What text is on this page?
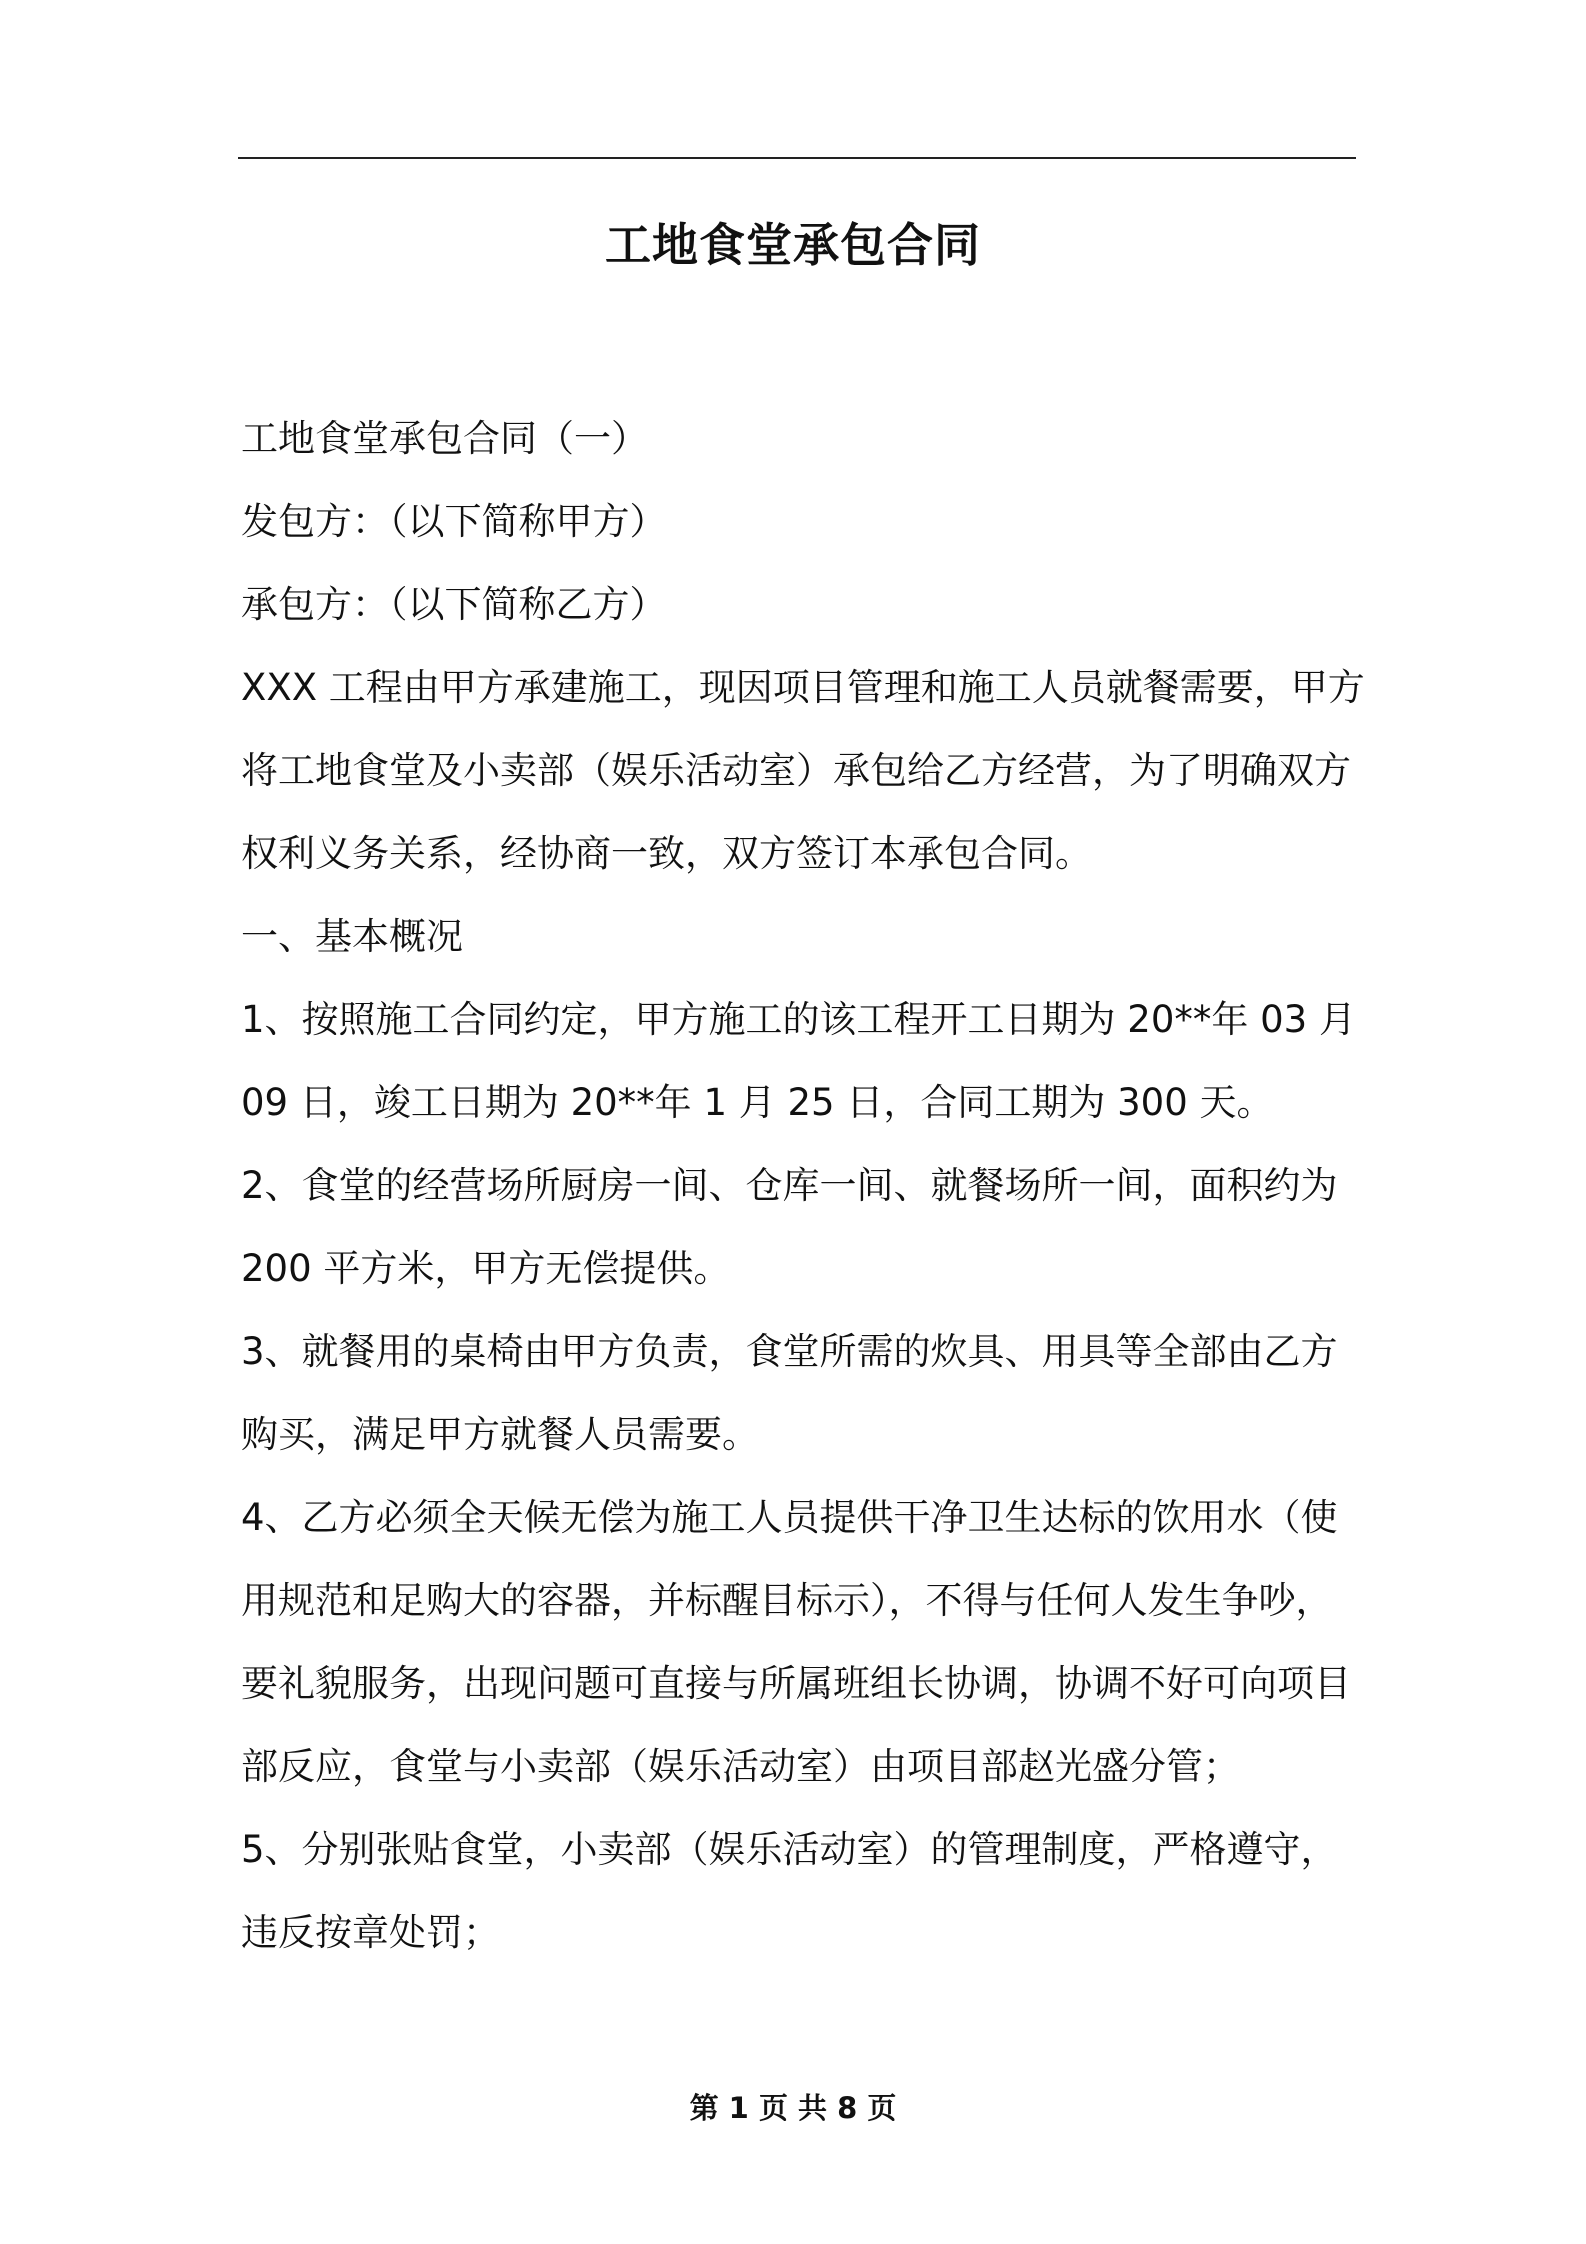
工地食堂承包合同
工地食堂承包合同（一）
发包方：（以下简称甲方）
承包方：（以下简称乙方）
XXX 工程由甲方承建施工，现因项目管理和施工人员就餐需要，甲方
将工地食堂及小卖部（娱乐活动室）承包给乙方经营，为了明确双方
权利义务关系，经协商一致，双方签订本承包合同。
一、基本概况
1、按照施工合同约定，甲方施工的该工程开工日期为 20**年 03 月
09 日，竣工日期为 20**年 1 月 25 日，合同工期为 300 天。
2、食堂的经营场所厨房一间、仓库一间、就餐场所一间，面积约为
200 平方米，甲方无偿提供。
3、就餐用的桌椅由甲方负责，食堂所需的炊具、用具等全部由乙方
购买，满足甲方就餐人员需要。
4、乙方必须全天候无偿为施工人员提供干净卫生达标的饮用水（使
用规范和足购大的容器，并标醒目标示），不得与任何人发生争吵，
要礼貌服务，出现问题可直接与所属班组长协调，协调不好可向项目
部反应，食堂与小卖部（娱乐活动室）由项目部赵光盛分管；
5、分别张贴食堂，小卖部（娱乐活动室）的管理制度，严格遵守，
违反按章处罚；
第 1 页 共 8 页
